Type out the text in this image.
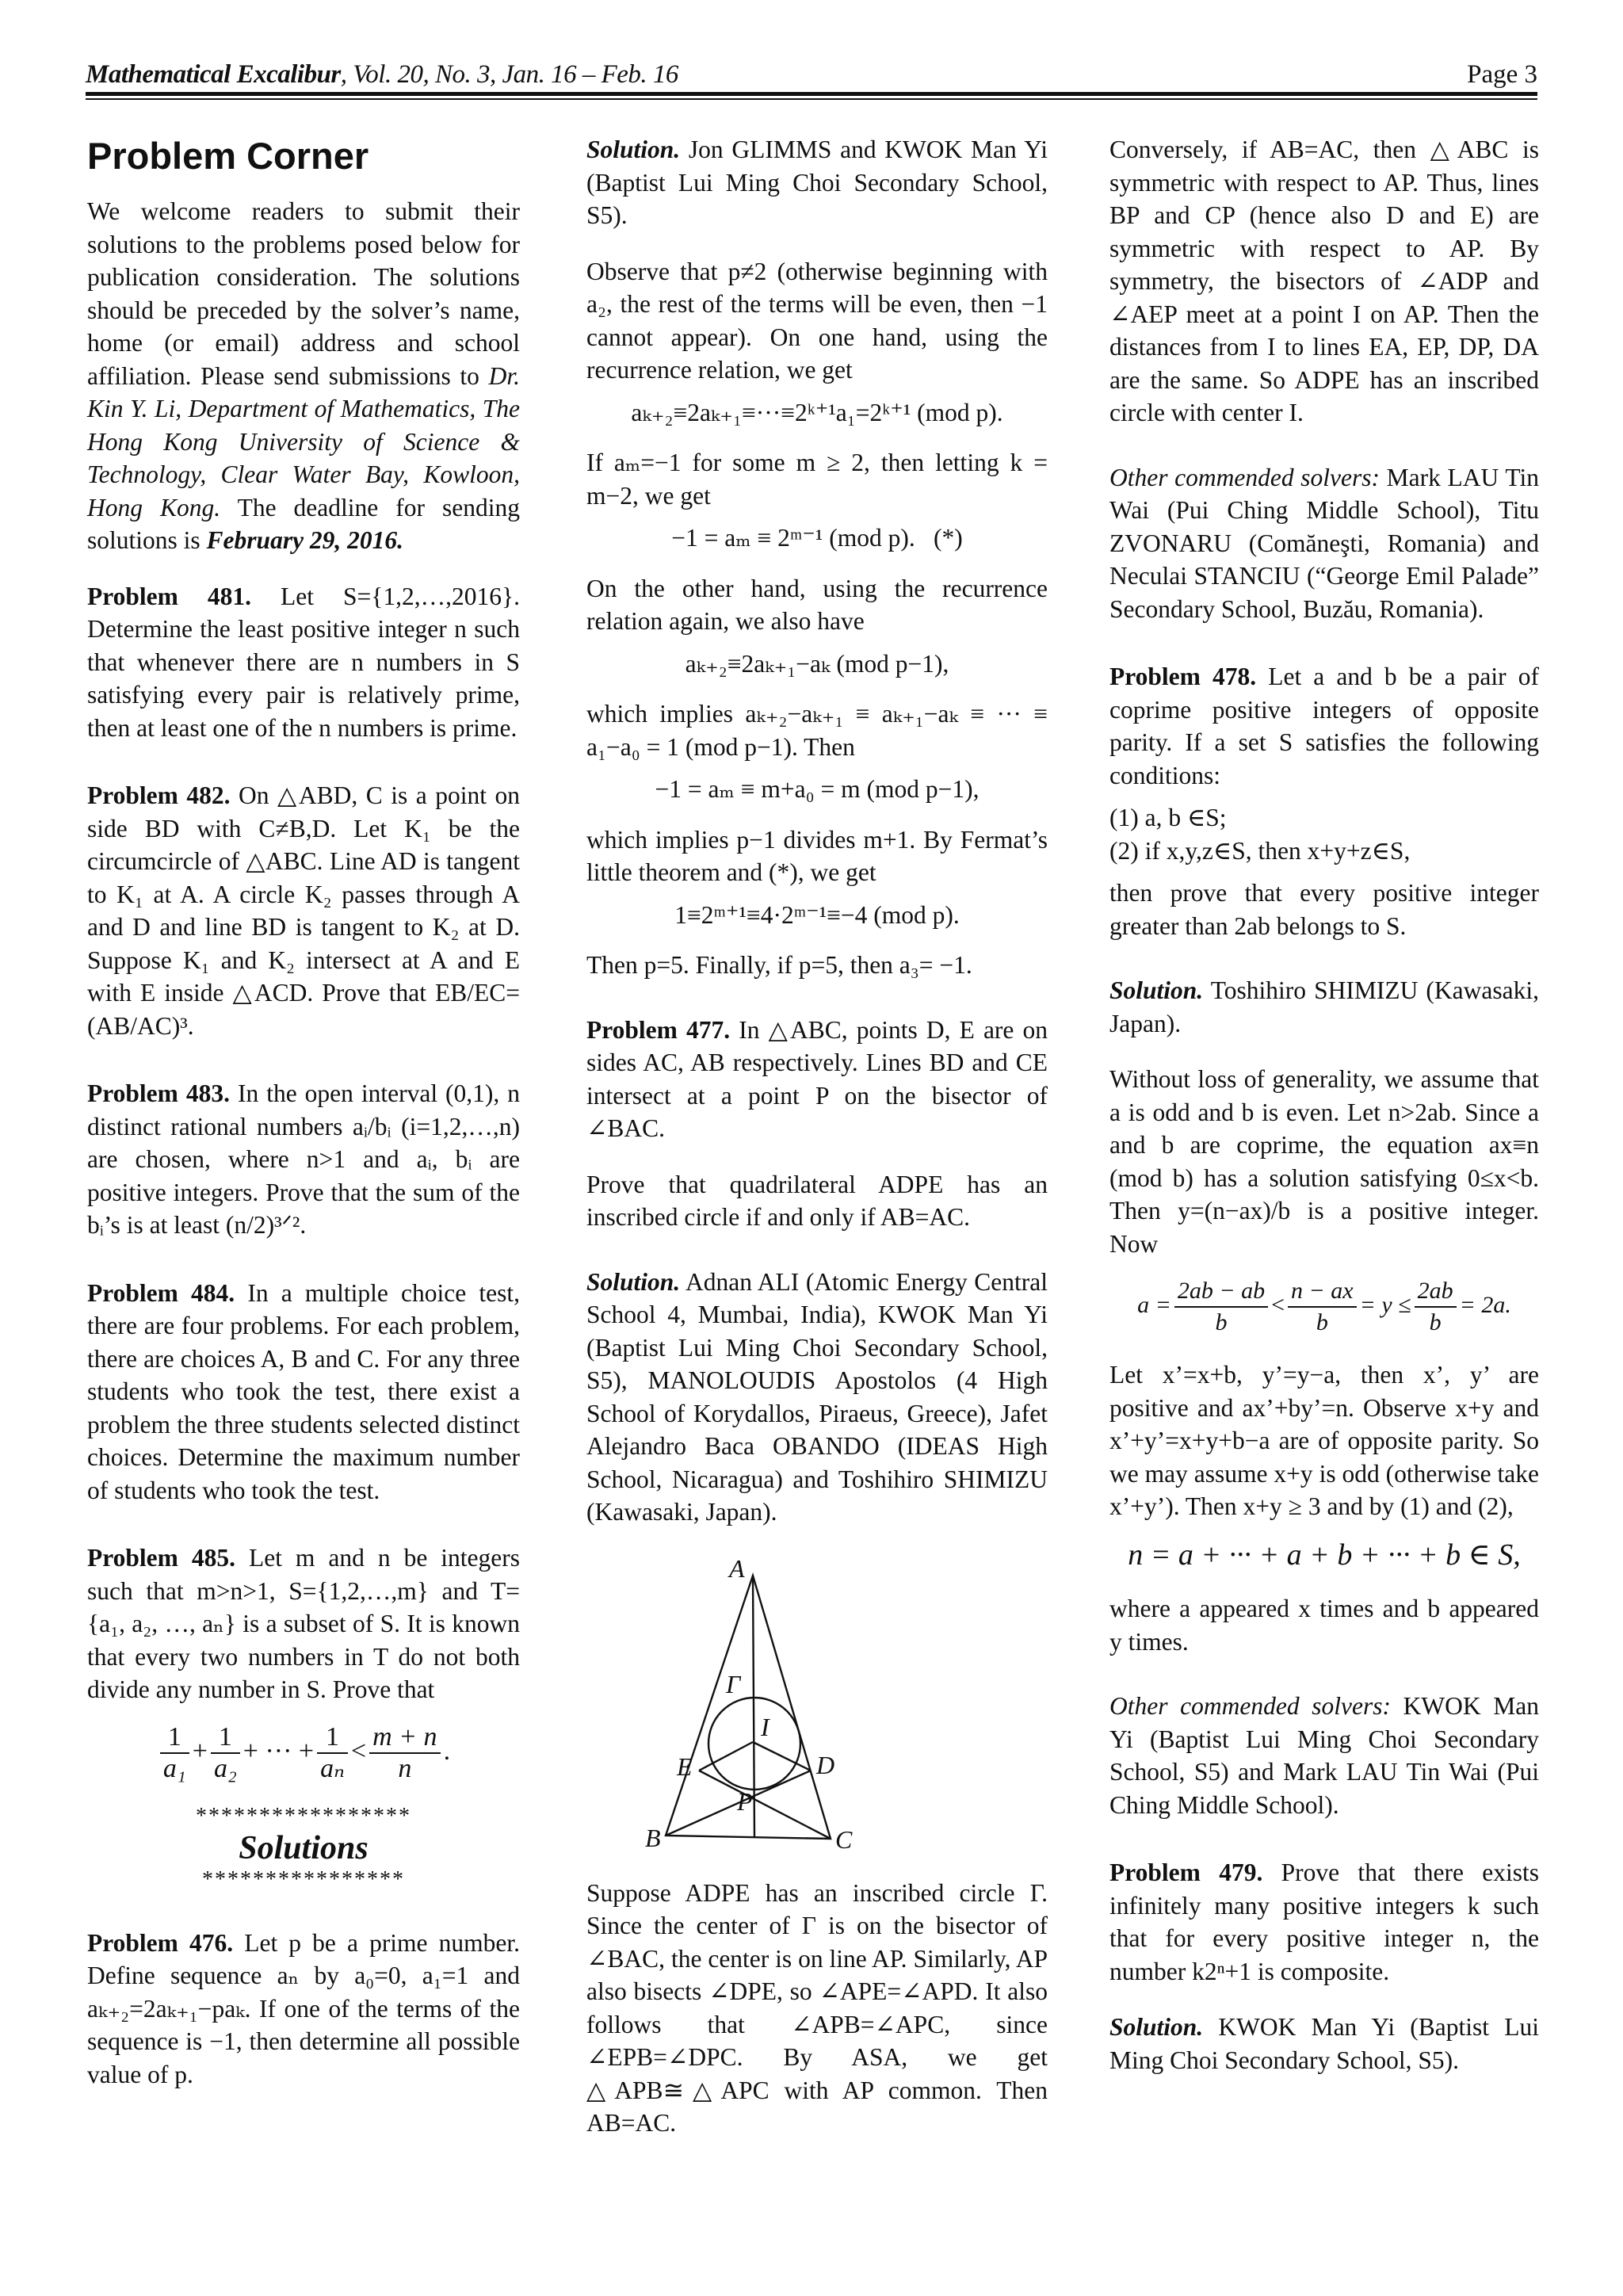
Mathematical Excalibur, Vol. 20, No. 3, Jan. 16 – Feb. 16	Page 3
Problem Corner

We welcome readers to submit their solutions to the problems posed below for publication consideration. The solutions should be preceded by the solver’s name, home (or email) address and school affiliation. Please send submissions to Dr. Kin Y. Li, Department of Mathematics, The Hong Kong University of Science & Technology, Clear Water Bay, Kowloon, Hong Kong. The deadline for sending solutions is February 29, 2016.

Problem 481. Let S={1,2,…,2016}. Determine the least positive integer n such that whenever there are n numbers in S satisfying every pair is relatively prime, then at least one of the n numbers is prime.

Problem 482. On △ABD, C is a point on side BD with C≠B,D. Let K₁ be the circumcircle of △ABC. Line AD is tangent to K₁ at A. A circle K₂ passes through A and D and line BD is tangent to K₂ at D. Suppose K₁ and K₂ intersect at A and E with E inside △ACD. Prove that EB/EC= (AB/AC)³.

Problem 483. In the open interval (0,1), n distinct rational numbers aᵢ/bᵢ (i=1,2,…,n) are chosen, where n>1 and aᵢ, bᵢ are positive integers. Prove that the sum of the bᵢ’s is at least (n/2)³ᐟ².

Problem 484. In a multiple choice test, there are four problems. For each problem, there are choices A, B and C. For any three students who took the test, there exist a problem the three students selected distinct choices. Determine the maximum number of students who took the test.

Problem 485. Let m and n be integers such that m>n>1, S={1,2,…,m} and T={a₁, a₂, …, aₙ} is a subset of S. It is known that every two numbers in T do not both divide any number in S. Prove that

$\frac{1}{\text{a₁}} + \frac{1}{\text{a₂}}$ + ··· + $\frac{1}{\text{aₙ}} < \frac{m + n}{n}$ .
*****************
Solutions
****************

Problem 476. Let p be a prime number. Define sequence aₙ by a₀=0, a₁=1 and aₖ₊₂=2aₖ₊₁−paₖ. If one of the terms of the sequence is −1, then determine all possible value of p.

Solution. Jon GLIMMS and KWOK Man Yi (Baptist Lui Ming Choi Secondary School, S5).

Observe that p≠2 (otherwise beginning with a₂, the rest of the terms will be even, then −1 cannot appear). On one hand, using the recurrence relation, we get

aₖ₊₂≡2aₖ₊₁≡···≡2ᵏ⁺¹a₁=2ᵏ⁺¹ (mod p).

If aₘ=−1 for some m ≥ 2, then letting k = m−2, we get

−1 = aₘ ≡ 2ᵐ⁻¹ (mod p). (*)

On the other hand, using the recurrence relation again, we also have

aₖ₊₂≡2aₖ₊₁−aₖ (mod p−1),

which implies aₖ₊₂−aₖ₊₁ ≡ aₖ₊₁−aₖ ≡ ··· ≡ a₁−a₀ = 1 (mod p−1). Then

−1 = aₘ ≡ m+a₀ = m (mod p−1),

which implies p−1 divides m+1. By Fermat’s little theorem and (*), we get

1≡2ᵐ⁺¹≡4·2ᵐ⁻¹≡−4 (mod p).

Then p=5. Finally, if p=5, then a₃= −1.

Problem 477. In △ABC, points D, E are on sides AC, AB respectively. Lines BD and CE intersect at a point P on the bisector of ∠BAC.

Prove that quadrilateral ADPE has an inscribed circle if and only if AB=AC.

Solution. Adnan ALI (Atomic Energy Central School 4, Mumbai, India), KWOK Man Yi (Baptist Lui Ming Choi Secondary School, S5), MANOLOUDIS Apostolos (4 High School of Korydallos, Piraeus, Greece), Jafet Alejandro Baca OBANDO (IDEAS High School, Nicaragua) and Toshihiro SHIMIZU (Kawasaki, Japan).

A
B	C
D
E
P
I
Γ

Suppose ADPE has an inscribed circle Γ. Since the center of Γ is on the bisector of ∠BAC, the center is on line AP. Similarly, AP also bisects ∠DPE, so ∠APE=∠APD. It also follows that ∠APB=∠APC, since ∠EPB=∠DPC. By ASA, we get △APB≅△APC with AP common. Then AB=AC.

Conversely, if AB=AC, then △ABC is symmetric with respect to AP. Thus, lines BP and CP (hence also D and E) are symmetric with respect to AP. By symmetry, the bisectors of ∠ADP and ∠AEP meet at a point I on AP. Then the distances from I to lines EA, EP, DP, DA are the same. So ADPE has an inscribed circle with center I.

Other commended solvers: Mark LAU Tin Wai (Pui Ching Middle School), Titu ZVONARU (Comăneşti, Romania) and Neculai STANCIU (“George Emil Palade” Secondary School, Buzău, Romania).

Problem 478. Let a and b be a pair of coprime positive integers of opposite parity. If a set S satisfies the following conditions:

(1) a, b ∈S;

(2) if x,y,z∈S, then x+y+z∈S,

then prove that every positive integer greater than 2ab belongs to S.

Solution. Toshihiro SHIMIZU (Kawasaki, Japan).

Without loss of generality, we assume that a is odd and b is even. Let n>2ab. Since a and b are coprime, the equation ax≡n (mod b) has a solution satisfying 0≤x<b. Then y=(n−ax)/b is a positive integer. Now

$a = \frac{2ab - ab}{b} < \frac{n - ax}{b} = y \le \frac{2ab}{b} = 2a$.

Let x’=x+b, y’=y−a, then x’, y’ are positive and ax’+by’=n. Observe x+y and x’+y’=x+y+b−a are of opposite parity. So we may assume x+y is odd (otherwise take x’+y’). Then x+y ≥ 3 and by (1) and (2),

n = a + ··· + a + b + ··· + b ∈ S,

where a appeared x times and b appeared y times.

Other commended solvers: KWOK Man Yi (Baptist Lui Ming Choi Secondary School, S5) and Mark LAU Tin Wai (Pui Ching Middle School).

Problem 479. Prove that there exists infinitely many positive integers k such that for every positive integer n, the number k2ⁿ+1 is composite.

Solution. KWOK Man Yi (Baptist Lui Ming Choi Secondary School, S5).
